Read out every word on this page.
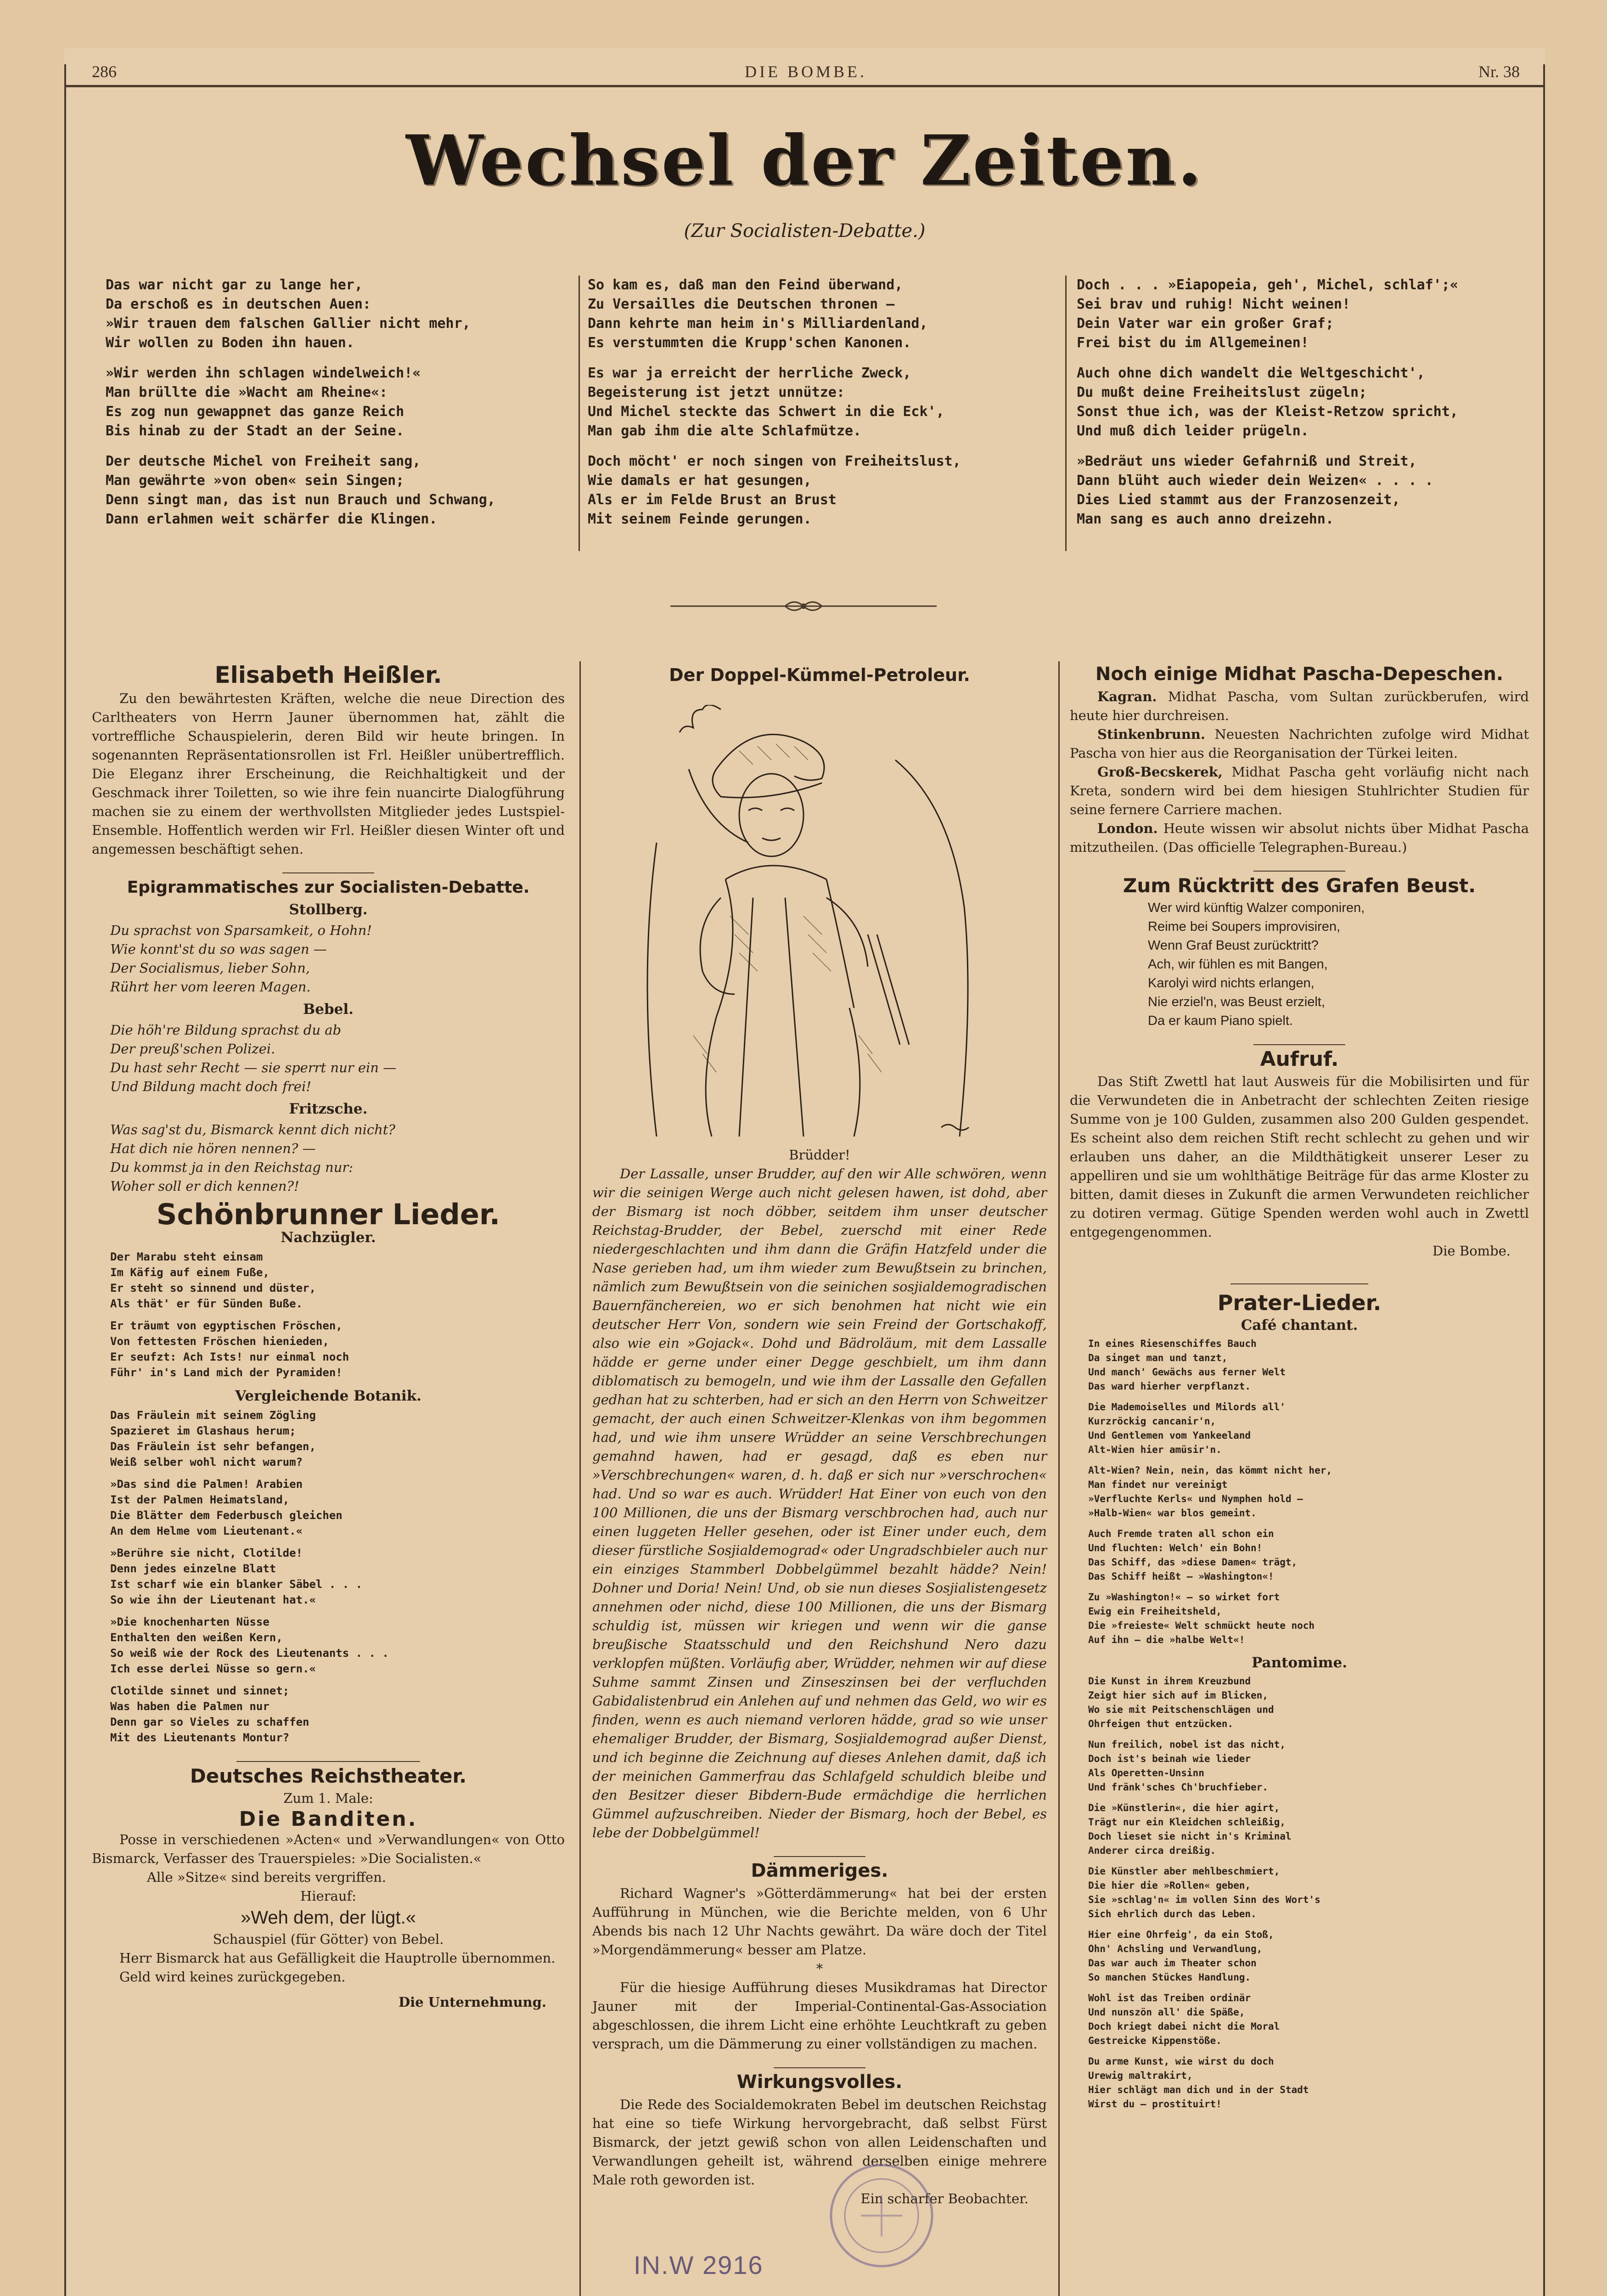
286	DIE BOMBE.	Nr. 38
Wechsel der Zeiten.
(Zur Socialisten-Debatte.)
Das war nicht gar zu lange her,
Da erschoß es in deutschen Auen:
»Wir trauen dem falschen Gallier nicht mehr,
Wir wollen zu Boden ihn hauen.
»Wir werden ihn schlagen windelweich!«
Man brüllte die »Wacht am Rheine«:
Es zog nun gewappnet das ganze Reich
Bis hinab zu der Stadt an der Seine.
Der deutsche Michel von Freiheit sang,
Man gewährte »von oben« sein Singen;
Denn singt man, das ist nun Brauch und Schwang,
Dann erlahmen weit schärfer die Klingen.
So kam es, daß man den Feind überwand,
Zu Versailles die Deutschen thronen —
Dann kehrte man heim in's Milliardenland,
Es verstummten die Krupp'schen Kanonen.
Es war ja erreicht der herrliche Zweck,
Begeisterung ist jetzt unnütze:
Und Michel steckte das Schwert in die Eck',
Man gab ihm die alte Schlafmütze.
Doch möcht' er noch singen von Freiheitslust,
Wie damals er hat gesungen,
Als er im Felde Brust an Brust
Mit seinem Feinde gerungen.
Doch . . . »Eiapopeia, geh', Michel, schlaf';«
Sei brav und ruhig! Nicht weinen!
Dein Vater war ein großer Graf;
Frei bist du im Allgemeinen!
Auch ohne dich wandelt die Weltgeschicht',
Du mußt deine Freiheitslust zügeln;
Sonst thue ich, was der Kleist-Retzow spricht,
Und muß dich leider prügeln.
»Bedräut uns wieder Gefahrniß und Streit,
Dann blüht auch wieder dein Weizen« . . . .
Dies Lied stammt aus der Franzosenzeit,
Man sang es auch anno dreizehn.
Elisabeth Heißler.
Zu den bewährtesten Kräften, welche die neue Direction des Carltheaters von Herrn Jauner übernommen hat, zählt die vortreffliche Schauspielerin, deren Bild wir heute bringen. In sogenannten Repräsentationsrollen ist Frl. Heißler unübertrefflich. Die Eleganz ihrer Erscheinung, die Reichhaltigkeit und der Geschmack ihrer Toiletten, so wie ihre fein nuancirte Dialogführung machen sie zu einem der werthvollsten Mitglieder jedes Lustspiel-Ensemble. Hoffentlich werden wir Frl. Heißler diesen Winter oft und angemessen beschäftigt sehen.
Epigrammatisches zur Socialisten-Debatte.
Stollberg.
Du sprachst von Sparsamkeit, o Hohn!
Wie konnt'st du so was sagen —
Der Socialismus, lieber Sohn,
Rührt her vom leeren Magen.
Bebel.
Die höh're Bildung sprachst du ab
Der preuß'schen Polizei.
Du hast sehr Recht — sie sperrt nur ein —
Und Bildung macht doch frei!
Fritzsche.
Was sag'st du, Bismarck kennt dich nicht?
Hat dich nie hören nennen? —
Du kommst ja in den Reichstag nur:
Woher soll er dich kennen?!
Schönbrunner Lieder.
Nachzügler.
Der Marabu steht einsam
Im Käfig auf einem Fuße,
Er steht so sinnend und düster,
Als thät' er für Sünden Buße.
Er träumt von egyptischen Fröschen,
Von fettesten Fröschen hienieden,
Er seufzt: Ach Ists! nur einmal noch
Führ' in's Land mich der Pyramiden!
Vergleichende Botanik.
Das Fräulein mit seinem Zögling
Spazieret im Glashaus herum;
Das Fräulein ist sehr befangen,
Weiß selber wohl nicht warum?
»Das sind die Palmen! Arabien
Ist der Palmen Heimatsland,
Die Blätter dem Federbusch gleichen
An dem Helme vom Lieutenant.«
»Berühre sie nicht, Clotilde!
Denn jedes einzelne Blatt
Ist scharf wie ein blanker Säbel . . .
So wie ihn der Lieutenant hat.«
»Die knochenharten Nüsse
Enthalten den weißen Kern,
So weiß wie der Rock des Lieutenants . . .
Ich esse derlei Nüsse so gern.«
Clotilde sinnet und sinnet;
Was haben die Palmen nur
Denn gar so Vieles zu schaffen
Mit des Lieutenants Montur?
Deutsches Reichstheater.
Zum 1. Male:
Die Banditen.
Posse in verschiedenen »Acten« und »Verwandlungen« von Otto Bismarck, Verfasser des Trauerspieles: »Die Socialisten.«
Alle »Sitze« sind bereits vergriffen.
Hierauf:
»Weh dem, der lügt.«
Schauspiel (für Götter) von Bebel.
Herr Bismarck hat aus Gefälligkeit die Hauptrolle übernommen.
Geld wird keines zurückgegeben.
Die Unternehmung.
Der Doppel-Kümmel-Petroleur.
Brüdder!
Der Lassalle, unser Brudder, auf den wir Alle schwören, wenn wir die seinigen Werge auch nicht gelesen hawen, ist dohd, aber der Bismarg ist noch döbber, seitdem ihm unser deutscher Reichstag-Brudder, der Bebel, zuerschd mit einer Rede niedergeschlachten und ihm dann die Gräfin Hatzfeld under die Nase gerieben had, um ihm wieder zum Bewußtsein zu brinchen, nämlich zum Bewußtsein von die seinichen sosjialdemogradischen Bauernfänchereien, wo er sich benohmen hat nicht wie ein deutscher Herr Von, sondern wie sein Freind der Gortschakoff, also wie ein »Gojack«. Dohd und Bädroläum, mit dem Lassalle hädde er gerne under einer Degge geschbielt, um ihm dann diblomatisch zu bemogeln, und wie ihm der Lassalle den Gefallen gedhan hat zu schterben, had er sich an den Herrn von Schweitzer gemacht, der auch einen Schweitzer-Klenkas von ihm begommen had, und wie ihm unsere Wrüdder an seine Verschbrechungen gemahnd hawen, had er gesagd, daß es eben nur »Verschbrechungen« waren, d. h. daß er sich nur »verschrochen« had. Und so war es auch. Wrüdder! Hat Einer von euch von den 100 Millionen, die uns der Bismarg verschbrochen had, auch nur einen luggeten Heller gesehen, oder ist Einer under euch, dem dieser fürstliche Sosjialdemograd« oder Ungradschbieler auch nur ein einziges Stammberl Dobbelgümmel bezahlt hädde? Nein! Dohner und Doria! Nein! Und, ob sie nun dieses Sosjialistengesetz annehmen oder nichd, diese 100 Millionen, die uns der Bismarg schuldig ist, müssen wir kriegen und wenn wir die ganse breußische Staatsschuld und den Reichshund Nero dazu verklopfen müßten. Vorläufig aber, Wrüdder, nehmen wir auf diese Suhme sammt Zinsen und Zinseszinsen bei der verfluchden Gabidalistenbrud ein Anlehen auf und nehmen das Geld, wo wir es finden, wenn es auch niemand verloren hädde, grad so wie unser ehemaliger Brudder, der Bismarg, Sosjialdemograd außer Dienst, und ich beginne die Zeichnung auf dieses Anlehen damit, daß ich der meinichen Gammerfrau das Schlafgeld schuldich bleibe und den Besitzer dieser Bibdern-Bude ermächdige die herrlichen Gümmel aufzuschreiben. Nieder der Bismarg, hoch der Bebel, es lebe der Dobbelgümmel!
Dämmeriges.
Richard Wagner's »Götterdämmerung« hat bei der ersten Aufführung in München, wie die Berichte melden, von 6 Uhr Abends bis nach 12 Uhr Nachts gewährt. Da wäre doch der Titel »Morgendämmerung« besser am Platze.
*
Für die hiesige Aufführung dieses Musikdramas hat Director Jauner mit der Imperial-Continental-Gas-Association abgeschlossen, die ihrem Licht eine erhöhte Leuchtkraft zu geben versprach, um die Dämmerung zu einer vollständigen zu machen.
Wirkungsvolles.
Die Rede des Socialdemokraten Bebel im deutschen Reichstag hat eine so tiefe Wirkung hervorgebracht, daß selbst Fürst Bismarck, der jetzt gewiß schon von allen Leidenschaften und Verwandlungen geheilt ist, während derselben einige mehrere Male roth geworden ist.
Ein scharfer Beobachter.
Noch einige Midhat Pascha-Depeschen.
Kagran. Midhat Pascha, vom Sultan zurückberufen, wird heute hier durchreisen.
Stinkenbrunn. Neuesten Nachrichten zufolge wird Midhat Pascha von hier aus die Reorganisation der Türkei leiten.
Groß-Becskerek, Midhat Pascha geht vorläufig nicht nach Kreta, sondern wird bei dem hiesigen Stuhlrichter Studien für seine fernere Carriere machen.
London. Heute wissen wir absolut nichts über Midhat Pascha mitzutheilen. (Das officielle Telegraphen-Bureau.)
Zum Rücktritt des Grafen Beust.
Wer wird künftig Walzer componiren,
Reime bei Soupers improvisiren,
Wenn Graf Beust zurücktritt?
Ach, wir fühlen es mit Bangen,
Karolyi wird nichts erlangen,
Nie erziel'n, was Beust erzielt,
Da er kaum Piano spielt.
Aufruf.
Das Stift Zwettl hat laut Ausweis für die Mobilisirten und für die Verwundeten die in Anbetracht der schlechten Zeiten riesige Summe von je 100 Gulden, zusammen also 200 Gulden gespendet. Es scheint also dem reichen Stift recht schlecht zu gehen und wir erlauben uns daher, an die Mildthätigkeit unserer Leser zu appelliren und sie um wohlthätige Beiträge für das arme Kloster zu bitten, damit dieses in Zukunft die armen Verwundeten reichlicher zu dotiren vermag. Gütige Spenden werden wohl auch in Zwettl entgegengenommen.
Die Bombe.
Prater-Lieder.
Café chantant.
In eines Riesenschiffes Bauch
Da singet man und tanzt,
Und manch' Gewächs aus ferner Welt
Das ward hierher verpflanzt.
Die Mademoiselles und Milords all'
Kurzröckig cancanir'n,
Und Gentlemen vom Yankeeland
Alt-Wien hier amüsir'n.
Alt-Wien? Nein, nein, das kömmt nicht her,
Man findet nur vereinigt
»Verfluchte Kerls« und Nymphen hold —
»Halb-Wien« war blos gemeint.
Auch Fremde traten all schon ein
Und fluchten: Welch' ein Bohn!
Das Schiff, das »diese Damen« trägt,
Das Schiff heißt — »Washington«!
Zu »Washington!« — so wirket fort
Ewig ein Freiheitsheld,
Die »freieste« Welt schmückt heute noch
Auf ihn — die »halbe Welt«!
Pantomime.
Die Kunst in ihrem Kreuzbund
Zeigt hier sich auf im Blicken,
Wo sie mit Peitschenschlägen und
Ohrfeigen thut entzücken.
Nun freilich, nobel ist das nicht,
Doch ist's beinah wie lieder
Als Operetten-Unsinn
Und fränk'sches Ch'bruchfieber.
Die »Künstlerin«, die hier agirt,
Trägt nur ein Kleidchen schleißig,
Doch lieset sie nicht in's Kriminal
Anderer circa dreißig.
Die Künstler aber mehlbeschmiert,
Die hier die »Rollen« geben,
Sie »schlag'n« im vollen Sinn des Wort's
Sich ehrlich durch das Leben.
Hier eine Ohrfeig', da ein Stoß,
Ohn' Achsling und Verwandlung,
Das war auch im Theater schon
So manchen Stückes Handlung.
Wohl ist das Treiben ordinär
Und nunszön all' die Späße,
Doch kriegt dabei nicht die Moral
Gestreicke Kippenstöße.
Du arme Kunst, wie wirst du doch
Urewig maltrakirt,
Hier schlägt man dich und in der Stadt
Wirst du — prostituirt!
IN.W 2916
